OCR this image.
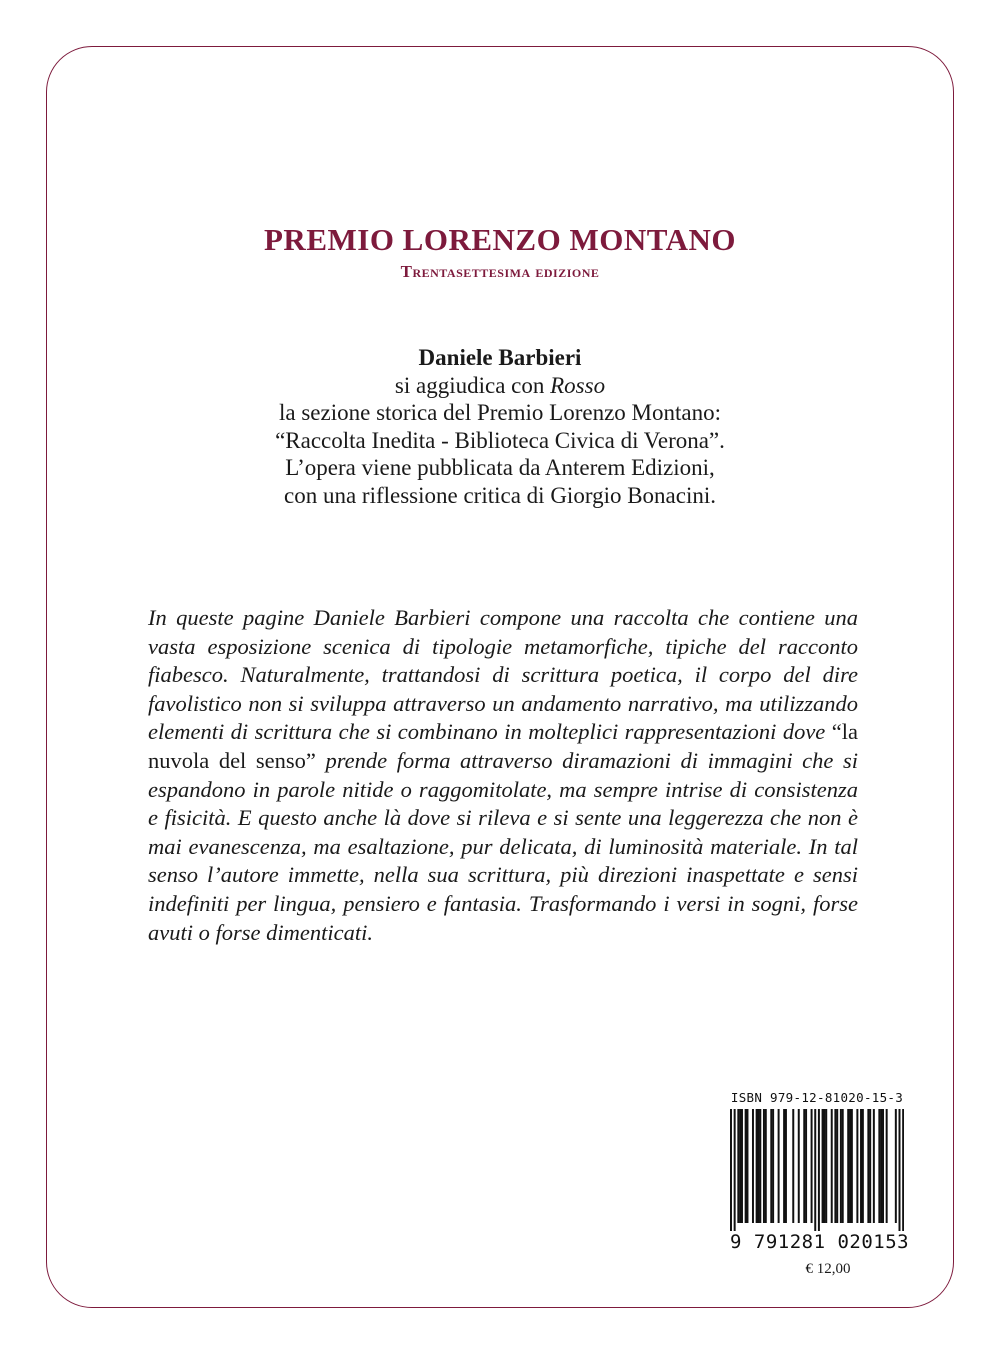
PREMIO LORENZO MONTANO
Trentasettesima edizione
Daniele Barbieri
si aggiudica con Rosso
la sezione storica del Premio Lorenzo Montano:
“Raccolta Inedita - Biblioteca Civica di Verona”.
L’opera viene pubblicata da Anterem Edizioni,
con una riflessione critica di Giorgio Bonacini.

In queste pagine Daniele Barbieri compone una raccolta che contiene una vasta esposizione scenica di tipologie metamorfiche, tipiche del racconto fiabesco. Naturalmente, trattandosi di scrittura poetica, il corpo del dire favolistico non si sviluppa attraverso un andamento narrativo, ma utilizzando elementi di scrittura che si combinano in molteplici rappresentazioni dove “la nuvola del senso” prende forma attraverso diramazioni di immagini che si espandono in parole nitide o raggomitolate, ma sempre intrise di consistenza e fisicità. E questo anche là dove si rileva e si sente una leggerezza che non è mai evanescenza, ma esaltazione, pur delicata, di luminosità materiale. In tal senso l’autore immette, nella sua scrittura, più direzioni inaspettate e sensi indefiniti per lingua, pensiero e fantasia. Trasformando i versi in sogni, forse avuti o forse dimenticati.

ISBN 979-12-81020-15-3
9 791281 020153
€ 12,00
